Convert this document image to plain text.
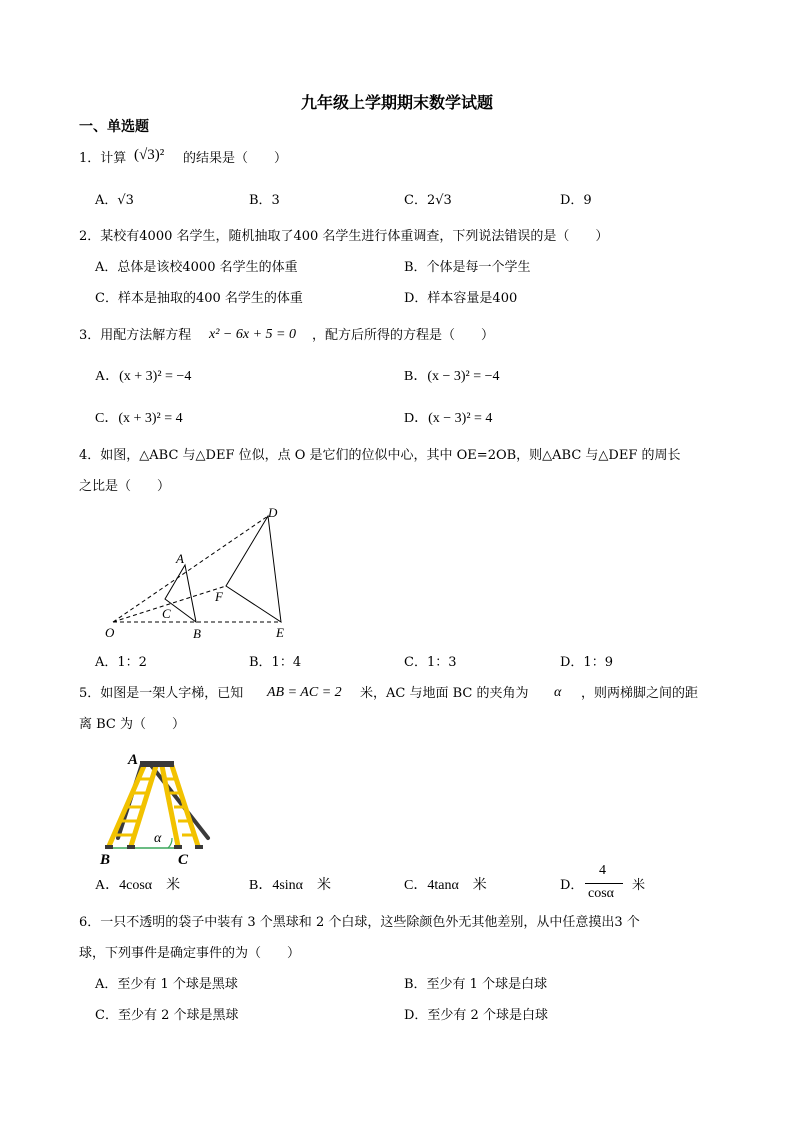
九年级上学期期末数学试题
一、单选题
1．计算 (√3)² 的结果是（　　）
A．√3	B．3	C．2√3	D．9
2．某校有4000 名学生，随机抽取了400 名学生进行体重调查，下列说法错误的是（　　）
A．总体是该校4000 名学生的体重	B．个体是每一个学生
C．样本是抽取的400 名学生的体重	D．样本容量是400
3．用配方法解方程 x² − 6x + 5 = 0 ，配方后所得的方程是（　　）
A．(x + 3)² = −4	B．(x − 3)² = −4
C．(x + 3)² = 4	D．(x − 3)² = 4
4．如图，△ABC 与△DEF 位似，点 O 是它们的位似中心，其中 OE=2OB，则△ABC 与△DEF 的周长
之比是（　　）
O
A
B
C
D
E
F
A．1：2	B．1：4	C．1：3	D．1：9
5．如图是一架人字梯，已知 AB = AC = 2 米，AC 与地面 BC 的夹角为 α ，则两梯脚之间的距
离 BC 为（　　）
A
B	C
α
A．4cosα　米	B．4sinα　米	C．4tanα　米	D．
4
cosα
米
6．一只不透明的袋子中装有 3 个黑球和 2 个白球，这些除颜色外无其他差别，从中任意摸出3 个
球，下列事件是确定事件的为（　　）
A．至少有 1 个球是黑球	B．至少有 1 个球是白球
C．至少有 2 个球是黑球	D．至少有 2 个球是白球
